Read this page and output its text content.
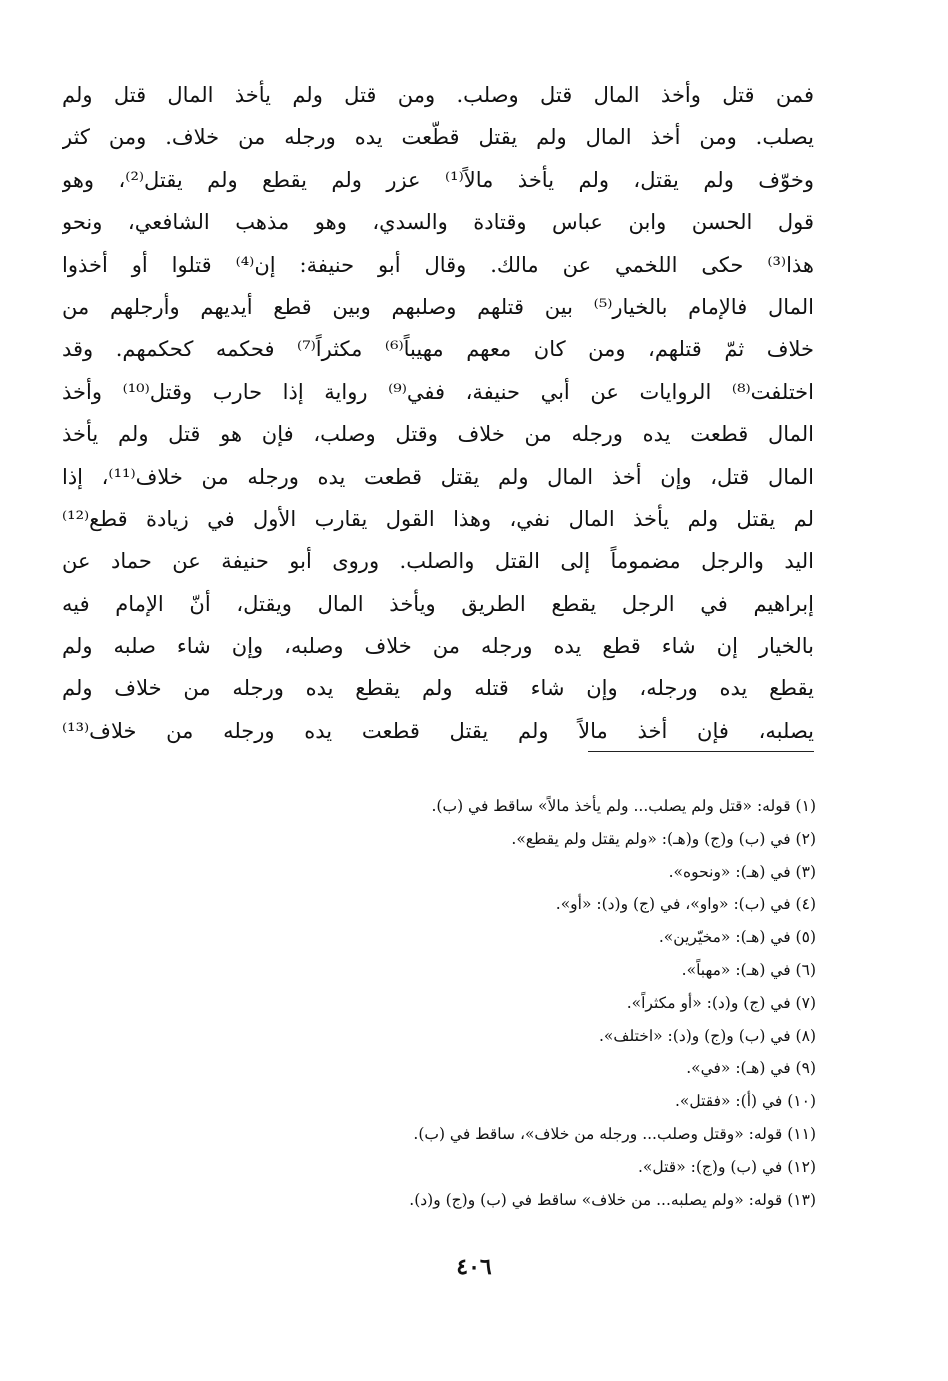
فمن قتل وأخذ المال قتل وصلب. ومن قتل ولم يأخذ المال قتل ولم
يصلب. ومن أخذ المال ولم يقتل قطّعت يده ورجله من خلاف. ومن كثر
وخوّف ولم يقتل، ولم يأخذ مالاً⁽¹⁾ عزر ولم يقطع ولم يقتل⁽²⁾، وهو
قول الحسن وابن عباس وقتادة والسدي، وهو مذهب الشافعي، ونحو
هذا⁽³⁾ حكى اللخمي عن مالك. وقال أبو حنيفة: إن⁽⁴⁾ قتلوا أو أخذوا
المال فالإمام بالخيار⁽⁵⁾ بين قتلهم وصلبهم وبين قطع أيديهم وأرجلهم من
خلاف ثمّ قتلهم، ومن كان معهم مهيباً⁽⁶⁾ مكثراً⁽⁷⁾ فحكمه كحكمهم. وقد
اختلفت⁽⁸⁾ الروايات عن أبي حنيفة، ففي⁽⁹⁾ رواية إذا حارب وقتل⁽¹⁰⁾ وأخذ
المال قطعت يده ورجله من خلاف وقتل وصلب، فإن هو قتل ولم يأخذ
المال قتل، وإن أخذ المال ولم يقتل قطعت يده ورجله من خلاف⁽¹¹⁾، إذا
لم يقتل ولم يأخذ المال نفي، وهذا القول يقارب الأول في زيادة قطع⁽¹²⁾
اليد والرجل مضموماً إلى القتل والصلب. وروى أبو حنيفة عن حماد عن
إبراهيم في الرجل يقطع الطريق ويأخذ المال ويقتل، أنّ الإمام فيه
بالخيار إن شاء قطع يده ورجله من خلاف وصلبه، وإن شاء صلبه ولم
يقطع يده ورجله، وإن شاء قتله ولم يقطع يده ورجله من خلاف ولم
يصلبه، فإن أخذ مالاً ولم يقتل قطعت يده ورجله من خلاف⁽¹³⁾
(١) قوله: «قتل ولم يصلب... ولم يأخذ مالاً» ساقط في (ب).
(٢) في (ب) و(ج) و(هـ): «ولم يقتل ولم يقطع».
(٣) في (هـ): «ونحوه».
(٤) في (ب): «واو»، في (ج) و(د): «أو».
(٥) في (هـ): «مخيّرين».
(٦) في (هـ): «مهباً».
(٧) في (ج) و(د): «أو مكثراً».
(٨) في (ب) و(ج) و(د): «اختلف».
(٩) في (هـ): «في».
(١٠) في (أ): «فقتل».
(١١) قوله: «وقتل وصلب... ورجله من خلاف»، ساقط في (ب).
(١٢) في (ب) و(ج): «قتل».
(١٣) قوله: «ولم يصلبه... من خلاف» ساقط في (ب) و(ج) و(د).
٤٠٦
